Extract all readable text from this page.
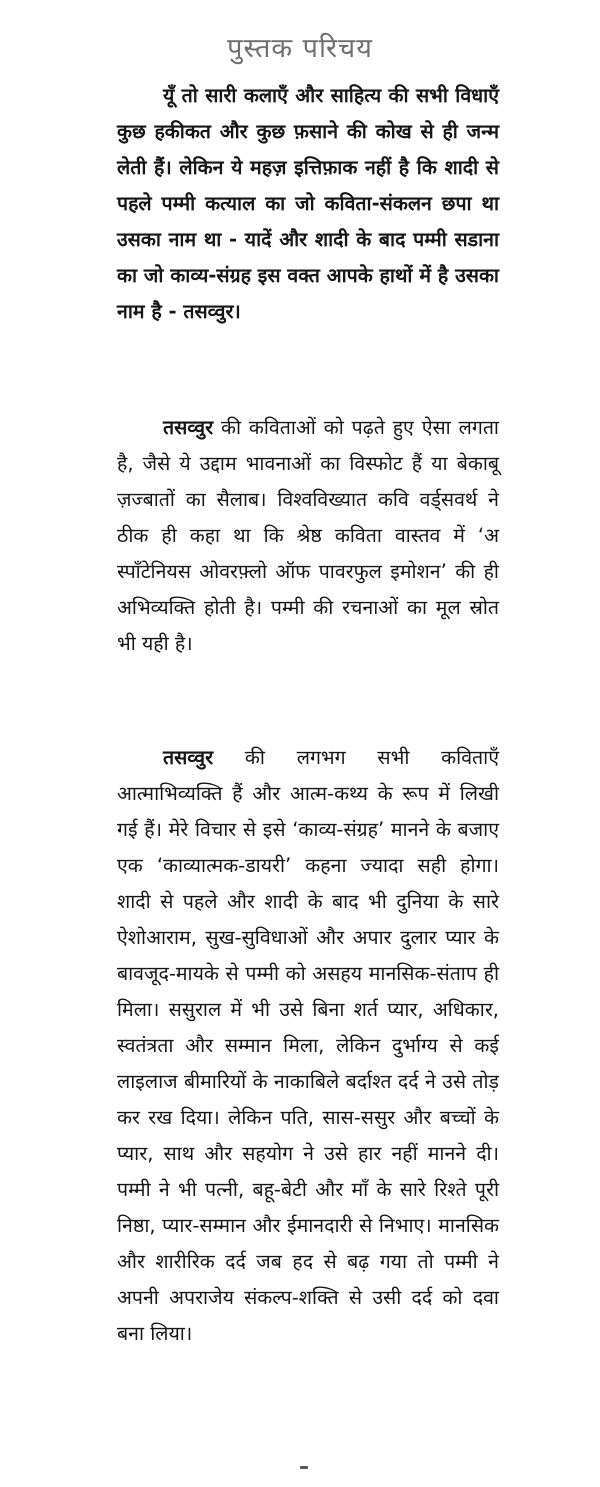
पुस्तक परिचय

यूँ तो सारी कलाएँ और साहित्य की सभी विधाएँ कुछ हकीकत और कुछ फ़साने की कोख से ही जन्म लेती हैं। लेकिन ये महज़ इत्तिफ़ाक नहीं है कि शादी से पहले पम्मी कत्याल का जो कविता-संकलन छपा था उसका नाम था - यादें और शादी के बाद पम्मी सडाना का जो काव्य-संग्रह इस वक्त आपके हाथों में है उसका नाम है - तसव्वुर।

तसव्वुर की कविताओं को पढ़ते हुए ऐसा लगता है, जैसे ये उद्दाम भावनाओं का विस्फोट हैं या बेकाबू ज़ज्बातों का सैलाब। विश्वविख्यात कवि वर्ड्सवर्थ ने ठीक ही कहा था कि श्रेष्ठ कविता वास्तव में ‘अ स्पॉंटेनियस ओवरफ़्लो ऑफ पावरफुल इमोशन’ की ही अभिव्यक्ति होती है। पम्मी की रचनाओं का मूल स्रोत भी यही है।

तसव्वुर की लगभग सभी कविताएँ आत्माभिव्यक्ति हैं और आत्म-कथ्य के रूप में लिखी गई हैं। मेरे विचार से इसे ‘काव्य-संग्रह’ मानने के बजाए एक ‘काव्यात्मक-डायरी’ कहना ज्यादा सही होगा। शादी से पहले और शादी के बाद भी दुनिया के सारे ऐशोआराम, सुख-सुविधाओं और अपार दुलार प्यार के बावजूद-मायके से पम्मी को असहय मानसिक-संताप ही मिला। ससुराल में भी उसे बिना शर्त प्यार, अधिकार, स्वतंत्रता और सम्मान मिला, लेकिन दुर्भाग्य से कई लाइलाज बीमारियों के नाकाबिले बर्दाश्त दर्द ने उसे तोड़ कर रख दिया। लेकिन पति, सास-ससुर और बच्चों के प्यार, साथ और सहयोग ने उसे हार नहीं मानने दी। पम्मी ने भी पत्नी, बहू-बेटी और माँ के सारे रिश्ते पूरी निष्ठा, प्यार-सम्मान और ईमानदारी से निभाए। मानसिक और शारीरिक दर्द जब हद से बढ़ गया तो पम्मी ने अपनी अपराजेय संकल्प-शक्ति से उसी दर्द को दवा बना लिया।
